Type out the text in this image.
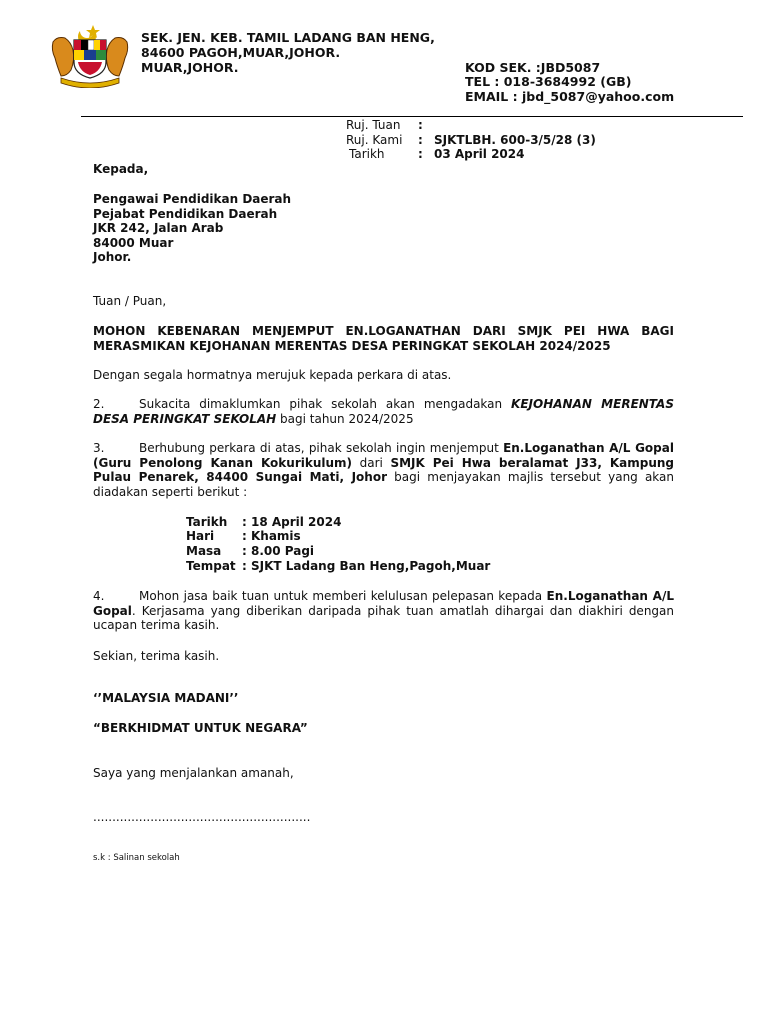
SEK. JEN. KEB. TAMIL LADANG BAN HENG,
84600 PAGOH,MUAR,JOHOR.
MUAR,JOHOR.	KOD SEK. :JBD5087
TEL : 018-3684992 (GB)
EMAIL : jbd_5087@yahoo.com
Ruj. Tuan :
Ruj. Kami : SJKTLBH. 600-3/5/28 (3)
Tarikh	: 03 April 2024
Kepada,
Pengawai Pendidikan Daerah
Pejabat Pendidikan Daerah
JKR 242, Jalan Arab
84000 Muar
Johor.
Tuan / Puan,
MOHON KEBENARAN MENJEMPUT EN.LOGANATHAN DARI SMJK PEI HWA BAGI MERASMIKAN KEJOHANAN MERENTAS DESA PERINGKAT SEKOLAH 2024/2025
Dengan segala hormatnya merujuk kepada perkara di atas.
2.	Sukacita dimaklumkan pihak sekolah akan mengadakan KEJOHANAN MERENTAS DESA PERINGKAT SEKOLAH bagi tahun 2024/2025
3.	Berhubung perkara di atas, pihak sekolah ingin menjemput En.Loganathan A/L Gopal (Guru Penolong Kanan Kokurikulum) dari SMJK Pei Hwa beralamat J33, Kampung Pulau Penarek, 84400 Sungai Mati, Johor bagi menjayakan majlis tersebut yang akan diadakan seperti berikut :
Tarikh : 18 April 2024
Hari : Khamis
Masa : 8.00 Pagi
Tempat : SJKT Ladang Ban Heng,Pagoh,Muar
4.	Mohon jasa baik tuan untuk memberi kelulusan pelepasan kepada En.Loganathan A/L Gopal. Kerjasama yang diberikan daripada pihak tuan amatlah dihargai dan diakhiri dengan ucapan terima kasih.
Sekian, terima kasih.
‘’MALAYSIA MADANI’’
“BERKHIDMAT UNTUK NEGARA”
Saya yang menjalankan amanah,
.........................................................
s.k : Salinan sekolah
